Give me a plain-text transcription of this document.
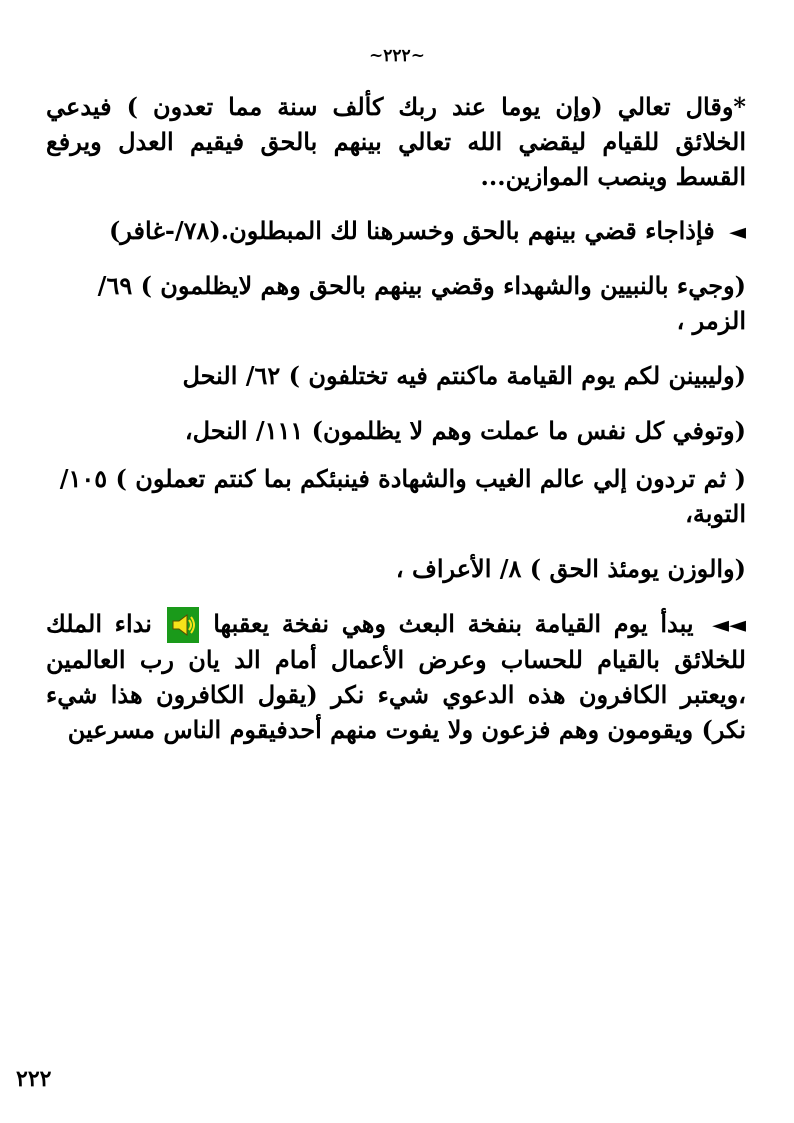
~٢٢٢~

*وقال تعالي (وإن يوما عند ربك كألف سنة مما تعدون ) فيدعي الخلائق للقيام ليقضي الله تعالي بينهم بالحق فيقيم العدل ويرفع القسط وينصب الموازين...

◄ فإذاجاء قضي بينهم بالحق وخسرهنا لك المبطلون.(٧٨/-غافر)

(وجيء بالنبيين والشهداء وقضي بينهم بالحق وهم لايظلمون ) ٦٩/ الزمر ،

(وليبينن لكم يوم القيامة ماكنتم فيه تختلفون ) ٦٢/ النحل

(وتوفي كل نفس ما عملت وهم لا يظلمون) ١١١/ النحل،

( ثم تردون إلي عالم الغيب والشهادة فينبئكم بما كنتم تعملون ) ١٠٥/ التوبة،

(والوزن يومئذ الحق ) ٨/ الأعراف ،

◄◄ يبدأ يوم القيامة بنفخة البعث وهي نفخة يعقبها
نداء الملك للخلائق بالقيام للحساب وعرض الأعمال أمام الد يان رب العالمين ،ويعتبر الكافرون هذه الدعوي شيء نكر (يقول الكافرون هذا شيء نكر) ويقومون وهم فزعون ولا يفوت منهم أحدفيقوم الناس مسرعين

٢٢٢
